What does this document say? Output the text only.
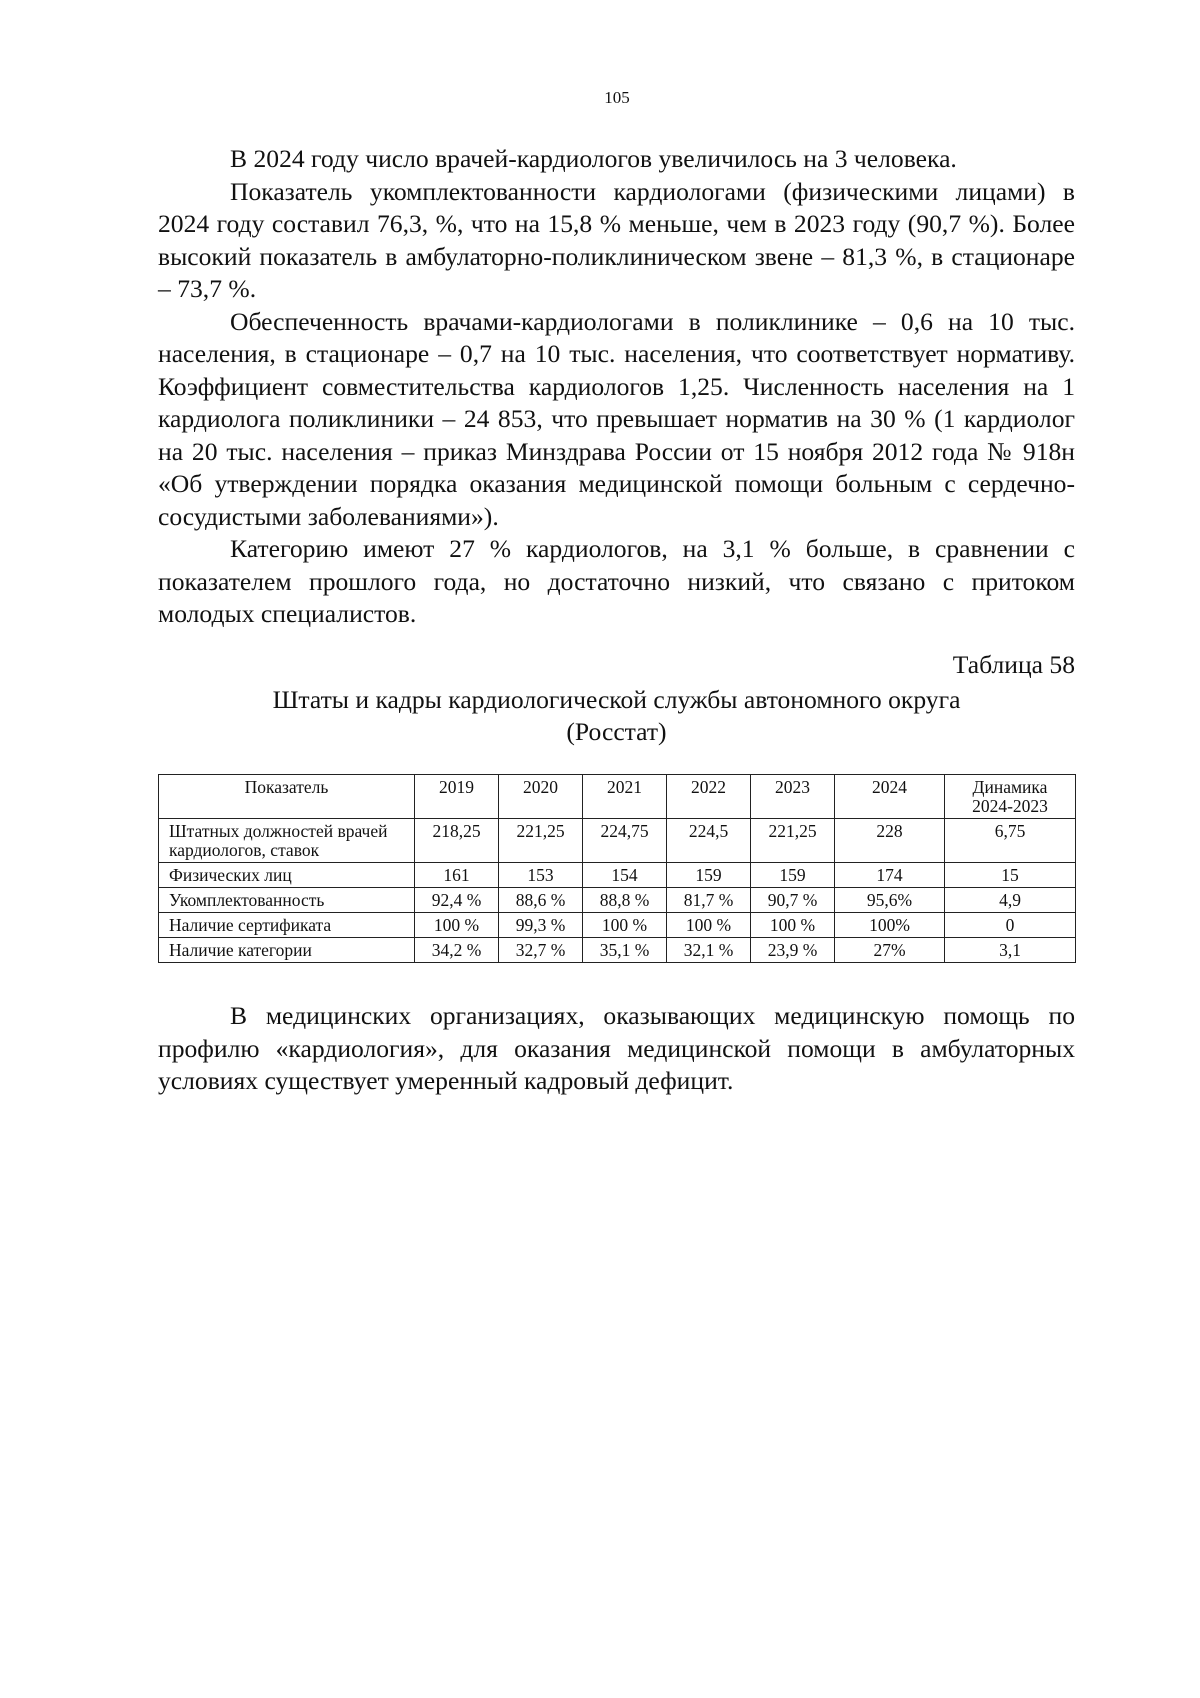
105

В 2024 году число врачей-кардиологов увеличилось на 3 человека.

Показатель укомплектованности кардиологами (физическими лицами) в 2024 году составил 76,3, %, что на 15,8 % меньше, чем в 2023 году (90,7 %). Более высокий показатель в амбулаторно-поликлиническом звене – 81,3 %, в стационаре – 73,7 %.

Обеспеченность врачами-кардиологами в поликлинике – 0,6 на 10 тыс. населения, в стационаре – 0,7 на 10 тыс. населения, что соответствует нормативу. Коэффициент совместительства кардиологов 1,25. Численность населения на 1 кардиолога поликлиники – 24 853, что превышает норматив на 30 % (1 кардиолог на 20 тыс. населения – приказ Минздрава России от 15 ноября 2012 года № 918н «Об утверждении порядка оказания медицинской помощи больным с сердечно-сосудистыми заболеваниями»).

Категорию имеют 27 % кардиологов, на 3,1 % больше, в сравнении с показателем прошлого года, но достаточно низкий, что связано с притоком молодых специалистов.

Таблица 58

Штаты и кадры кардиологической службы автономного округа
(Росстат)

Показатель	2019	2020	2021	2022	2023	2024	Динамика 2024-2023
Штатных должностей врачей кардиологов, ставок	218,25	221,25	224,75	224,5	221,25	228	6,75
Физических лиц	161	153	154	159	159	174	15
Укомплектованность	92,4 %	88,6 %	88,8 %	81,7 %	90,7 %	95,6%	4,9
Наличие сертификата	100 %	99,3 %	100 %	100 %	100 %	100%	0
Наличие категории	34,2 %	32,7 %	35,1 %	32,1 %	23,9 %	27%	3,1

В медицинских организациях, оказывающих медицинскую помощь по профилю «кардиология», для оказания медицинской помощи в амбулаторных условиях существует умеренный кадровый дефицит.
